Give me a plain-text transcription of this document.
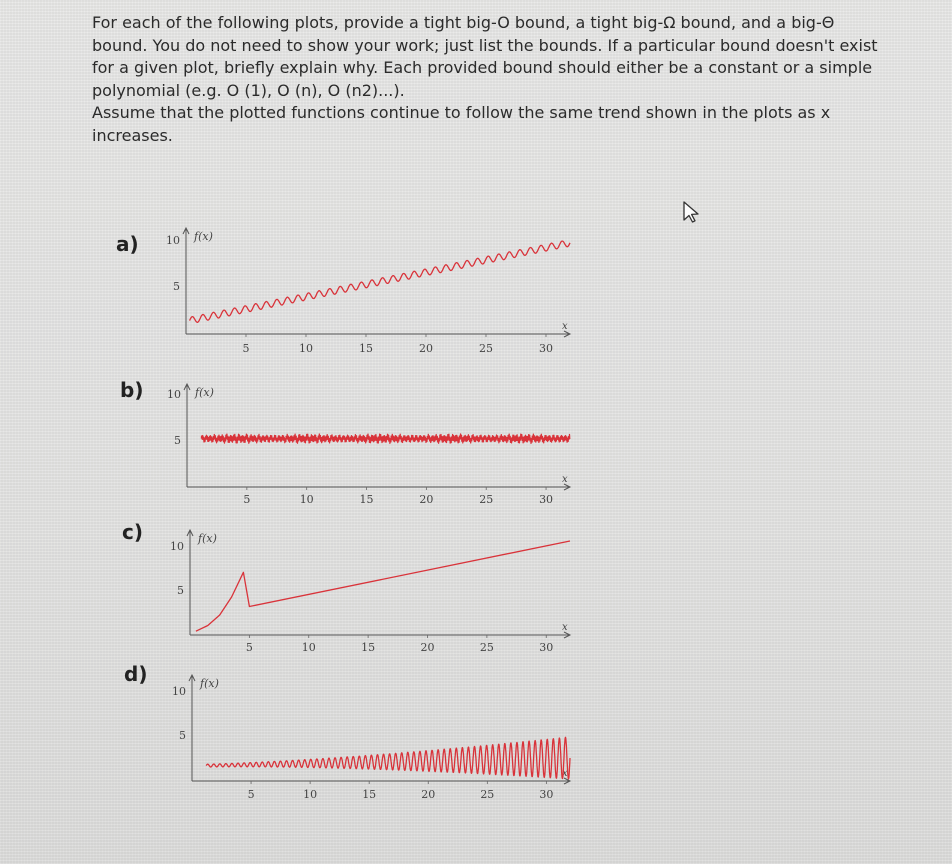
For each of the following plots, provide a tight big-O bound, a tight big-Ω bound, and a big-Θ bound. You do not need to show your work; just list the bounds. If a particular bound doesn't exist for a given plot, briefly explain why. Each provided bound should either be a constant or a simple polynomial (e.g. O (1), O (n), O (n2)...).

Assume that the plotted functions continue to follow the same trend shown in the plots as x increases.

a)
b)
c)
d)
f(x)
x
5	10	15	20	25	30
10
5
f(x)
x
5	10	15	20	25	30
10
5
f(x)
x
5	10	15	20	25	30
10
5
f(x)
x
5	10	15	20	25	30
10
5
